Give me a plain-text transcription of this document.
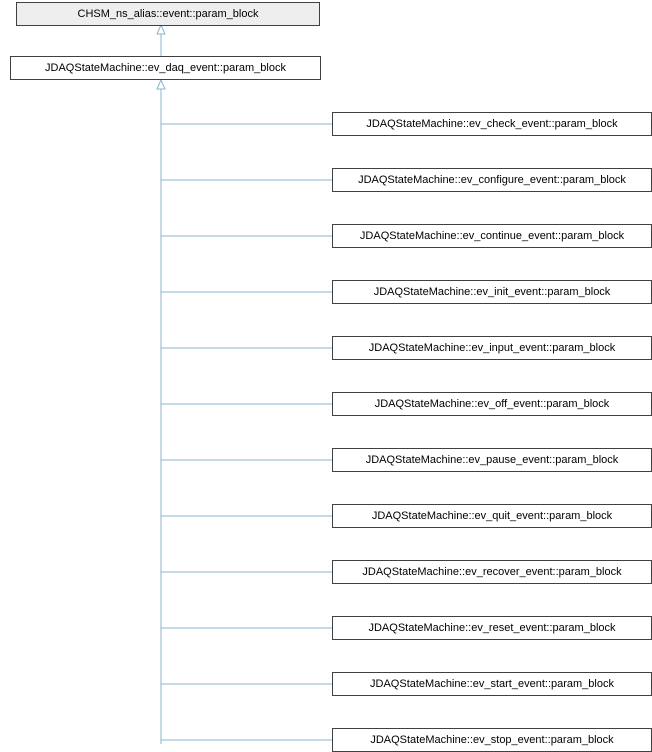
CHSM_ns_alias::event::param_block
JDAQStateMachine::ev_daq_event::param_block
JDAQStateMachine::ev_check_event::param_block
JDAQStateMachine::ev_configure_event::param_block
JDAQStateMachine::ev_continue_event::param_block
JDAQStateMachine::ev_init_event::param_block
JDAQStateMachine::ev_input_event::param_block
JDAQStateMachine::ev_off_event::param_block
JDAQStateMachine::ev_pause_event::param_block
JDAQStateMachine::ev_quit_event::param_block
JDAQStateMachine::ev_recover_event::param_block
JDAQStateMachine::ev_reset_event::param_block
JDAQStateMachine::ev_start_event::param_block
JDAQStateMachine::ev_stop_event::param_block
